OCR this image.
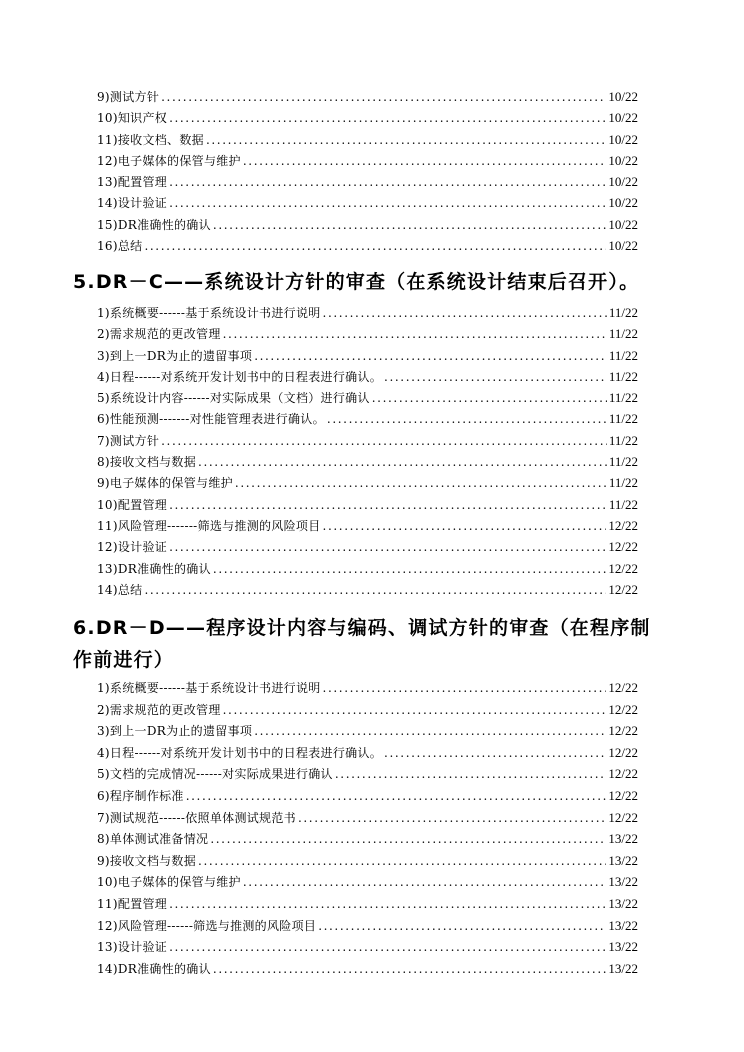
9)测试方针 .....	10/22
10)知识产权 .....	10/22
11)接收文档、数据 .....	10/22
12)电子媒体的保管与维护 .....	10/22
13)配置管理 .....	10/22
14)设计验证 .....	10/22
15)DR准确性的确认 .....	10/22
16)总结 .....	10/22
5.DR－C——系统设计方针的审查（在系统设计结束后召开）。
1)系统概要------基于系统设计书进行说明 .....	11/22
2)需求规范的更改管理 .....	11/22
3)到上一DR为止的遗留事项 .....	11/22
4)日程------对系统开发计划书中的日程表进行确认。 .....	11/22
5)系统设计内容------对实际成果（文档）进行确认 .....	11/22
6)性能预测-------对性能管理表进行确认。 .....	11/22
7)测试方针 .....	11/22
8)接收文档与数据 .....	11/22
9)电子媒体的保管与维护 .....	11/22
10)配置管理 .....	11/22
11)风险管理-------筛选与推测的风险项目 .....	12/22
12)设计验证 .....	12/22
13)DR准确性的确认 .....	12/22
14)总结 .....	12/22
6.DR－D——程序设计内容与编码、调试方针的审查（在程序制作前进行）
1)系统概要------基于系统设计书进行说明 .....	12/22
2)需求规范的更改管理 .....	12/22
3)到上一DR为止的遗留事项 .....	12/22
4)日程------对系统开发计划书中的日程表进行确认。 .....	12/22
5)文档的完成情况------对实际成果进行确认 .....	12/22
6)程序制作标准 .....	12/22
7)测试规范------依照单体测试规范书 .....	12/22
8)单体测试准备情况 .....	13/22
9)接收文档与数据 .....	13/22
10)电子媒体的保管与维护 .....	13/22
11)配置管理 .....	13/22
12)风险管理------筛选与推测的风险项目 .....	13/22
13)设计验证 .....	13/22
14)DR准确性的确认 .....	13/22
